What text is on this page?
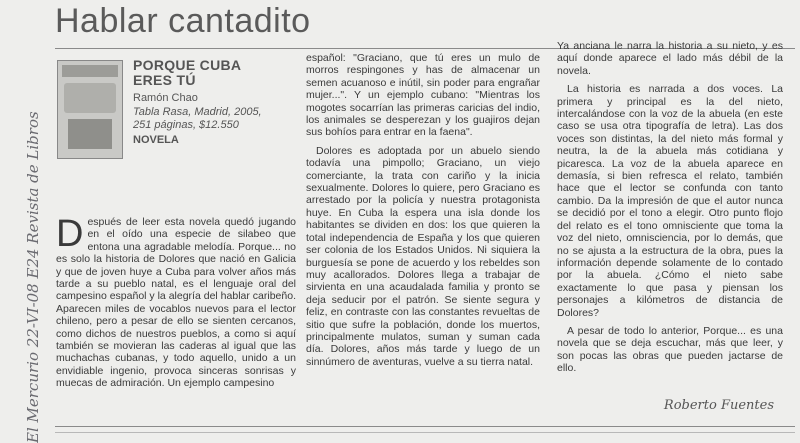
Hablar cantadito
El Mercurio 22-VI-08 E24 Revista de Libros
PORQUE CUBA ERES TÚ
Ramón Chao
Tabla Rasa, Madrid, 2005,
251 páginas, $12.550
NOVELA

Después de leer esta novela quedó jugando en el oído una especie de silabeo que entona una agradable melodía. Porque... no es solo la historia de Dolores que nació en Galicia y que de joven huye a Cuba para volver años más tarde a su pueblo natal, es el lenguaje oral del campesino español y la alegría del hablar caribeño. Aparecen miles de vocablos nuevos para el lector chileno, pero a pesar de ello se sienten cercanos, como dichos de nuestros pueblos, a como si aquí también se movieran las caderas al igual que las muchachas cubanas, y todo aquello, unido a un envidiable ingenio, provoca sinceras sonrisas y muecas de admiración. Un ejemplo campesino

español: "Graciano, que tú eres un mulo de morros respingones y has de almacenar un semen acuanoso e inútil, sin poder para engrañar mujer...". Y un ejemplo cubano: "Mientras los mogotes socarrían las primeras caricias del indio, los animales se desperezan y los guajiros dejan sus bohíos para entrar en la faena".

Dolores es adoptada por un abuelo siendo todavía una pimpollo; Graciano, un viejo comerciante, la trata con cariño y la inicia sexualmente. Dolores lo quiere, pero Graciano es arrestado por la policía y nuestra protagonista huye. En Cuba la espera una isla donde los habitantes se dividen en dos: los que quieren la total independencia de España y los que quieren ser colonia de los Estados Unidos. Ni siquiera la burguesía se pone de acuerdo y los rebeldes son muy acallorados. Dolores llega a trabajar de sirvienta en una acaudalada familia y pronto se deja seducir por el patrón. Se siente segura y feliz, en contraste con las constantes revueltas de sitio que sufre la población, donde los muertos, principalmente mulatos, suman y suman cada día. Dolores, años más tarde y luego de un sinnúmero de aventuras, vuelve a su tierra natal.

Ya anciana le narra la historia a su nieto, y es aquí donde aparece el lado más débil de la novela.

La historia es narrada a dos voces. La primera y principal es la del nieto, intercalándose con la voz de la abuela (en este caso se usa otra tipografía de letra). Las dos voces son distintas, la del nieto más formal y neutra, la de la abuela más cotidiana y picaresca. La voz de la abuela aparece en demasía, si bien refresca el relato, también hace que el lector se confunda con tanto cambio. Da la impresión de que el autor nunca se decidió por el tono a elegir. Otro punto flojo del relato es el tono omnisciente que toma la voz del nieto, omnisciencia, por lo demás, que no se ajusta a la estructura de la obra, pues la información depende solamente de lo contado por la abuela. ¿Cómo el nieto sabe exactamente lo que pasa y piensan los personajes a kilómetros de distancia de Dolores?

A pesar de todo lo anterior, Porque... es una novela que se deja escuchar, más que leer, y son pocas las obras que pueden jactarse de ello.

Roberto Fuentes
